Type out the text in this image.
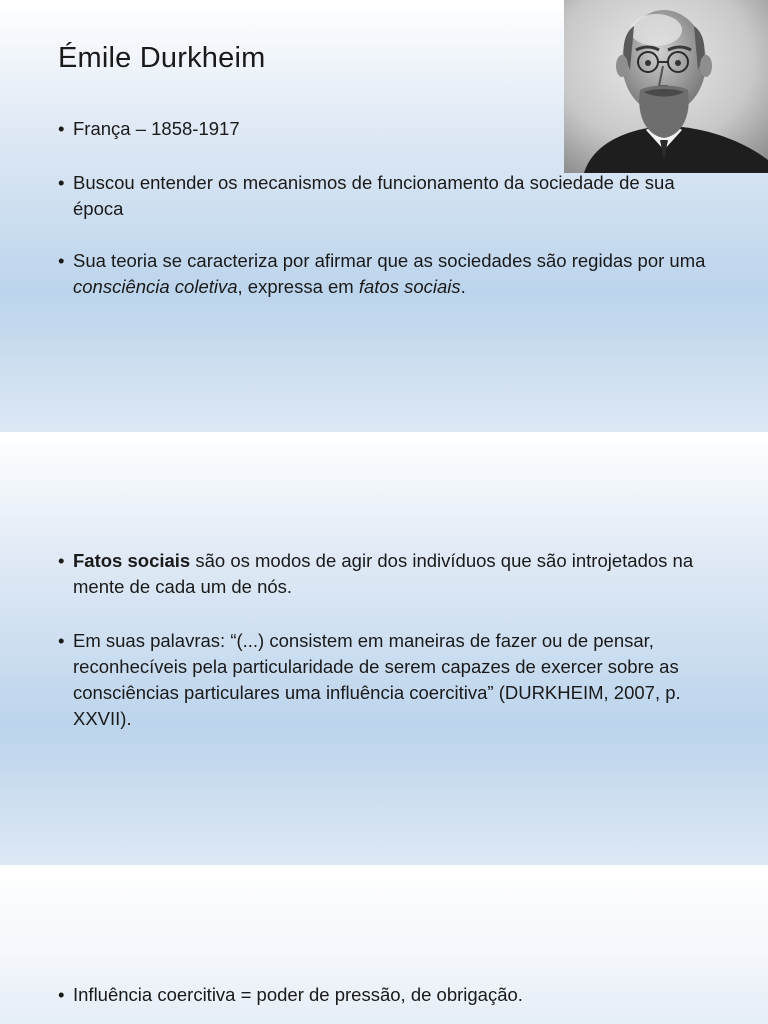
Émile Durkheim
• França – 1858-1917
• Buscou entender os mecanismos de funcionamento da sociedade de sua época
• Sua teoria se caracteriza por afirmar que as sociedades são regidas por uma consciência coletiva, expressa em fatos sociais.
• Fatos sociais são os modos de agir dos indivíduos que são introjetados na mente de cada um de nós.
• Em suas palavras: “(...) consistem em maneiras de fazer ou de pensar, reconhecíveis pela particularidade de serem capazes de exercer sobre as consciências particulares uma influência coercitiva” (DURKHEIM, 2007, p. XXVII).
• Influência coercitiva = poder de pressão, de obrigação.
